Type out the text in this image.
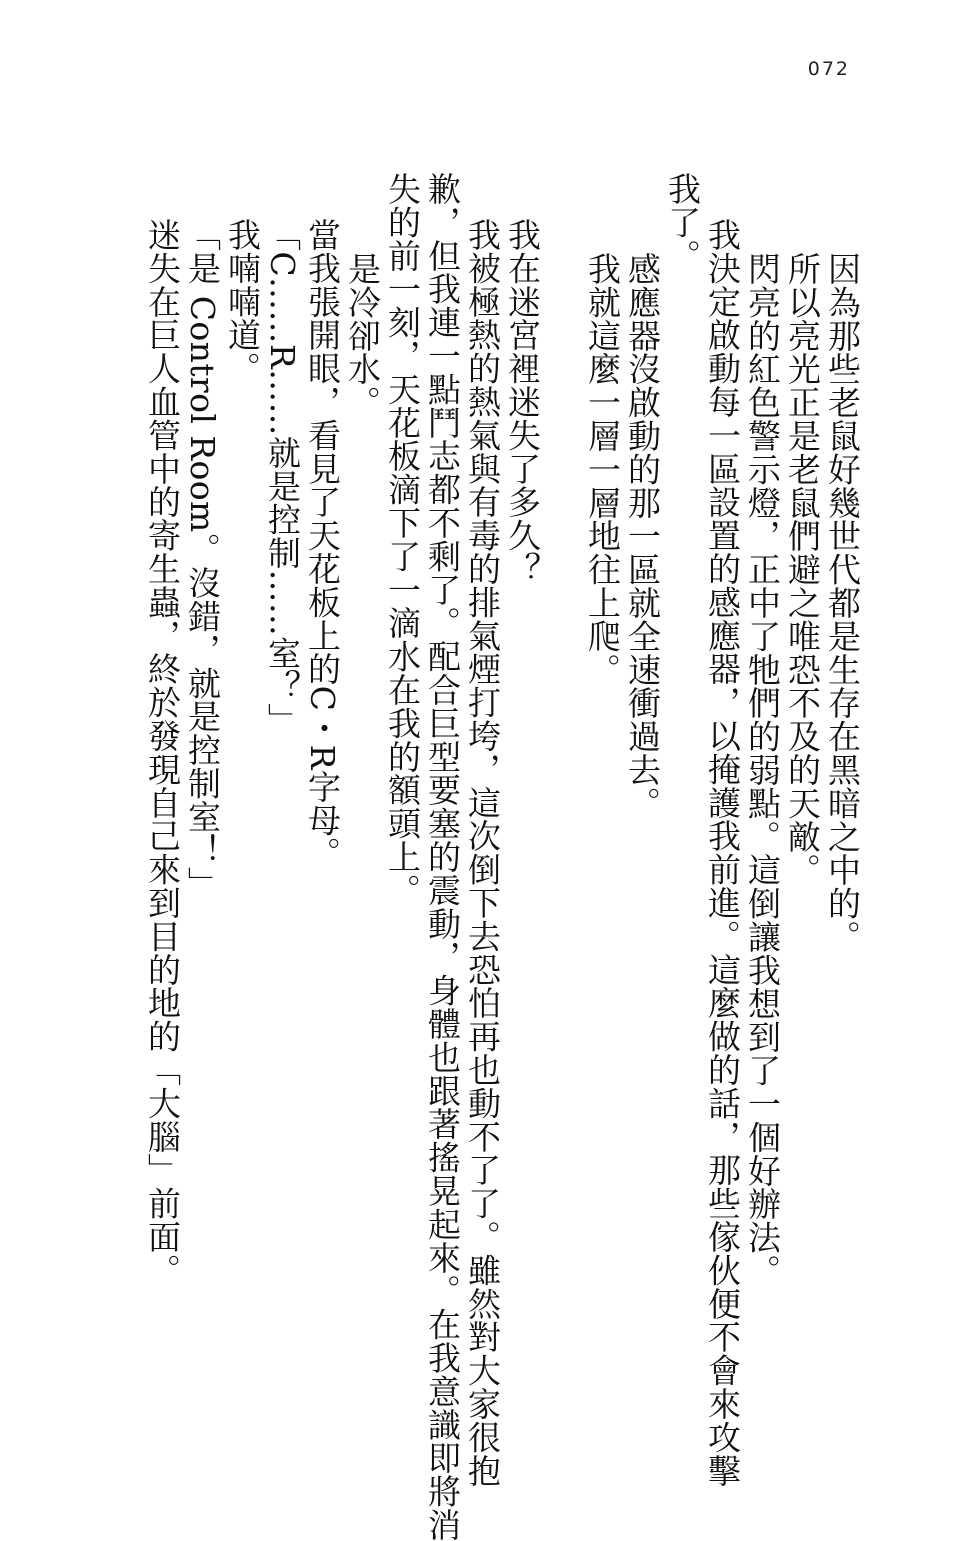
072
因為那些老鼠好幾世代都是生存在黑暗之中的。
所以亮光正是老鼠們避之唯恐不及的天敵。
閃亮的紅色警示燈，正中了牠們的弱點。這倒讓我想到了一個好辦法。
我決定啟動每一區設置的感應器，以掩護我前進。這麼做的話，那些傢伙便不會來攻擊
我了。
感應器沒啟動的那一區就全速衝過去。
我就這麼一層一層地往上爬。
我在迷宮裡迷失了多久？
我被極熱的熱氣與有毒的排氣煙打垮，這次倒下去恐怕再也動不了了。雖然對大家很抱
歉，但我連一點鬥志都不剩了。配合巨型要塞的震動，身體也跟著搖晃起來。在我意識即將消
失的前一刻，天花板滴下了一滴水在我的額頭上。
是冷卻水。
當我張開眼，看見了天花板上的C・R字母。
「C……R……就是控制……室？」
我喃喃道。
「是 Control Room。沒錯，就是控制室！」
迷失在巨人血管中的寄生蟲，終於發現自己來到目的地的「大腦」前面。
